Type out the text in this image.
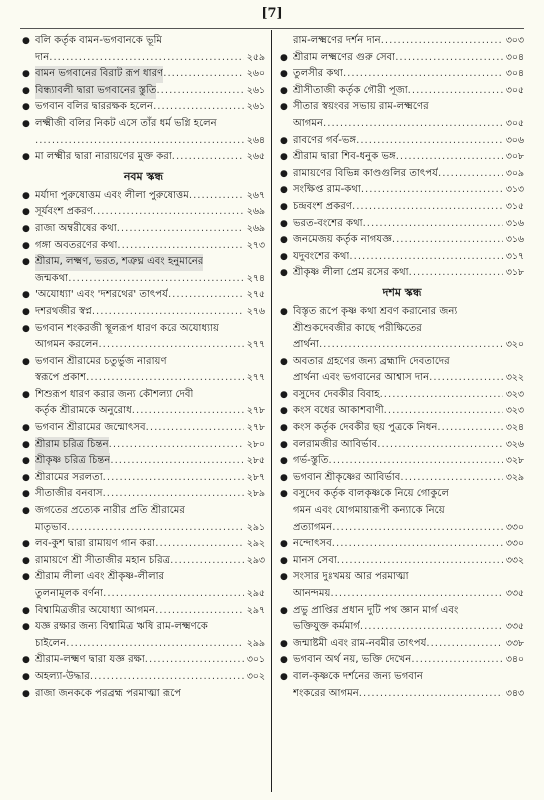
[7]
● বলি কর্তৃক বামন-ভগবানকে ভূমি
দান .....	২৫৯
● বামন ভগবানের বিরাট রূপ ধারণ .....	২৬০
● বিন্ধ্যাবলী দ্বারা ভগবানের স্তুতি .....	২৬১
● ভগবান বলির দ্বাররক্ষক হলেন .....	২৬১
● লক্ষ্মীজী বলির নিকট এসে তাঁর ধর্ম ভগ্নি হলেন
.....
২৬৪
● মা লক্ষ্মীর দ্বারা নারায়ণের মুক্ত করা .....	২৬৫
নবম স্কন্ধ
● মর্যাদা পুরুষোত্তম এবং লীলা পুরুষোত্তম .....	২৬৭
● সূর্যবংশ প্রকরণ .....	২৬৯
● রাজা অম্বরীষের কথা .....	২৬৯
● গঙ্গা অবতরণের কথা .....	২৭৩
● শ্রীরাম, লক্ষ্মণ, ভরত, শত্রুঘ্ন এবং হনুমানের
জন্মকথা .....	২৭৪
● 'অযোধ্যা' এবং 'দশরথের' তাৎপর্য .....	২৭৫
● দশরথজীর স্বপ্ন .....	২৭৬
● ভগবান শংকরজী স্থূলরূপ ধারণ করে অযোধ্যায়
আগমন করলেন .....	২৭৭
● ভগবান শ্রীরামের চতুর্ভুজ নারায়ণ
স্বরূপে প্রকাশ .....	২৭৭
● শিশুরূপ ধারণ করার জন্য কৌশল্যা দেবী
কর্তৃক শ্রীরামকে অনুরোধ .....	২৭৮
● ভগবান শ্রীরামের জন্মোৎসব .....	২৭৮
● শ্রীরাম চরিত্র চিন্তন .....	২৮০
● শ্রীকৃষ্ণ চরিত্র চিন্তন .....	২৮৫
● শ্রীরামের সরলতা .....	২৮৭
● সীতাজীর বনবাস .....	২৮৯
● জগতের প্রত্যেক নারীর প্রতি শ্রীরামের
মাতৃভাব .....	২৯১
● লব-কুশ দ্বারা রামায়ণ গান করা .....	২৯২
● রামায়ণে শ্রী সীতাজীর মহান চরিত্র .....	২৯৩
● শ্রীরাম লীলা এবং শ্রীকৃষ্ণ-লীলার
তুলনামূলক বর্ণনা .....	২৯৫
● বিশ্বামিত্রজীর অযোধ্যা আগমন .....	২৯৭
● যজ্ঞ রক্ষার জন্য বিশ্বামিত্র ঋষি রাম-লক্ষ্মণকে
চাইলেন .....	২৯৯
● শ্রীরাম-লক্ষ্মণ দ্বারা যজ্ঞ রক্ষা .....	৩০১
● অহল্যা-উদ্ধার .....	৩০২
● রাজা জনককে পরব্রহ্ম পরমাত্মা রূপে
রাম-লক্ষ্মণের দর্শন দান .....	৩০৩
● শ্রীরাম লক্ষ্মণের গুরু সেবা .....	৩০৪
● তুলসীর কথা .....	৩০৪
● শ্রীসীতাজী কর্তৃক গৌরী পূজা .....	৩০৫
● সীতার স্বয়ংবর সভায় রাম-লক্ষ্মণের
আগমন .....	৩০৫
● রাবণের গর্ব-ভঙ্গ .....	৩০৬
● শ্রীরাম দ্বারা শিব-ধনুক ভঙ্গ .....	৩০৮
● রামায়ণের বিভিন্ন কাণ্ডগুলির তাৎপর্য .....	৩০৯
● সংক্ষিপ্ত রাম-কথা .....	৩১৩
● চন্দ্রবংশ প্রকরণ .....	৩১৫
● ভরত-বংশের কথা .....	৩১৬
● জনমেজয় কর্তৃক নাগযজ্ঞ .....	৩১৬
● যদুবংশের কথা .....	৩১৭
● শ্রীকৃষ্ণ লীলা প্রেম রসের কথা .....	৩১৮
দশম স্কন্ধ
● বিস্তৃত রূপে কৃষ্ণ কথা শ্রবণ করানোর জন্য
শ্রীশুকদেবজীর কাছে পরীক্ষিতের
প্রার্থনা .....	৩২০
● অবতার গ্রহণের জন্য ব্রহ্মাদি দেবতাদের
প্রার্থনা এবং ভগবানের আশ্বাস দান .....	৩২২
● বসুদেব দেবকীর বিবাহ .....	৩২৩
● কংস বধের আকাশবাণী .....	৩২৩
● কংস কর্তৃক দেবকীর ছয় পুত্রকে নিধন .....	৩২৪
● বলরামজীর আবির্ভাব .....	৩২৬
● গর্ভ-স্তুতি .....	৩২৮
● ভগবান শ্রীকৃষ্ণের আবির্ভাব .....	৩২৯
● বসুদেব কর্তৃক বালকৃষ্ণকে নিয়ে গোকুলে
গমন এবং যোগমায়ারূপী কন্যাকে নিয়ে
প্রত্যাগমন .....	৩৩০
● নন্দোৎসব .....	৩৩০
● মানস সেবা .....	৩৩২
● সংসার দুঃখময় আর পরমাত্মা
আনন্দময় .....	৩৩৫
● প্রভু প্রাপ্তির প্রধান দুটি পথ জ্ঞান মার্গ এবং
ভক্তিযুক্ত কর্মমার্গ .....	৩৩৫
● জন্মাষ্টমী এবং রাম-নবমীর তাৎপর্য .....	৩৩৮
● ভগবান অর্থ নয়, ভক্তি দেখেন .....	৩৪০
● বাল-কৃষ্ণকে দর্শনের জন্য ভগবান
শংকরের আগমন .....	৩৪৩
